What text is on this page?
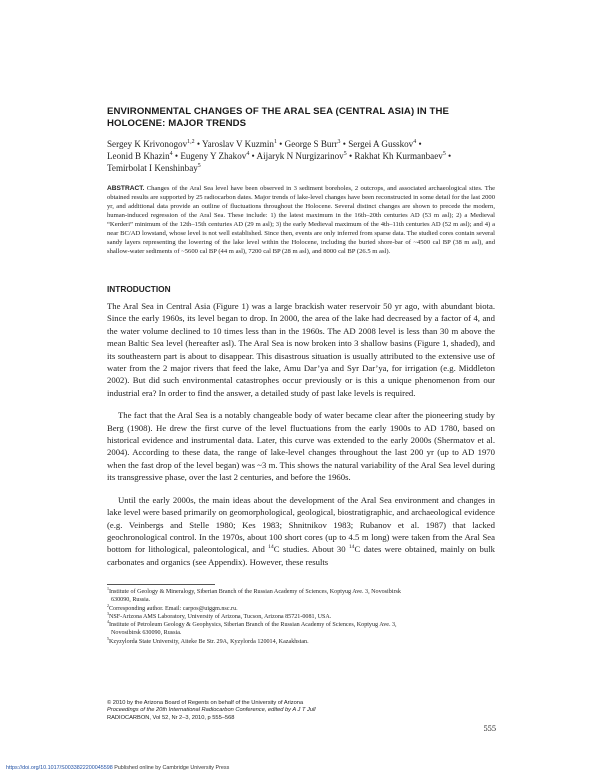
ENVIRONMENTAL CHANGES OF THE ARAL SEA (CENTRAL ASIA) IN THE
HOLOCENE: MAJOR TRENDS
Sergey K Krivonogov$^{1,2}$ • Yaroslav V Kuzmin$^1$ • George S Burr$^3$ • Sergei A Gusskov$^4$ •
Leonid B Khazin$^4$ • Eugeny Y Zhakov$^4$ • Aijaryk N Nurgizarinov$^5$ • Rakhat Kh Kurmanbaev$^5$ •
Temirbolat I Kenshinbay$^5$
ABSTRACT. Changes of the Aral Sea level have been observed in 3 sediment boreholes, 2 outcrops, and associated archaeological sites. The obtained results are supported by 25 radiocarbon dates. Major trends of lake-level changes have been reconstructed in some detail for the last 2000 yr, and additional data provide an outline of fluctuations throughout the Holocene. Several distinct changes are shown to precede the modern, human-induced regression of the Aral Sea. These include: 1) the latest maximum in the 16th–20th centuries AD (53 m asl); 2) a Medieval “Kerderi” minimum of the 12th–15th centuries AD (29 m asl); 3) the early Medieval maximum of the 4th–11th centuries AD (52 m asl); and 4) a near BC/AD lowstand, whose level is not well established. Since then, events are only inferred from sparse data. The studied cores contain several sandy layers representing the lowering of the lake level within the Holocene, including the buried shore-bar of ~4500 cal BP (38 m asl), and shallow-water sediments of ~5600 cal BP (44 m asl), 7200 cal BP (28 m asl), and 8000 cal BP (26.5 m asl).
INTRODUCTION

The Aral Sea in Central Asia (Figure 1) was a large brackish water reservoir 50 yr ago, with abundant biota. Since the early 1960s, its level began to drop. In 2000, the area of the lake had decreased by a factor of 4, and the water volume declined to 10 times less than in the 1960s. The AD 2008 level is less than 30 m above the mean Baltic Sea level (hereafter asl). The Aral Sea is now broken into 3 shallow basins (Figure 1, shaded), and its southeastern part is about to disappear. This disastrous situation is usually attributed to the extensive use of water from the 2 major rivers that feed the lake, Amu Dar’ya and Syr Dar’ya, for irrigation (e.g. Middleton 2002). But did such environmental catastrophes occur previously or is this a unique phenomenon from our industrial era? In order to find the answer, a detailed study of past lake levels is required.

The fact that the Aral Sea is a notably changeable body of water became clear after the pioneering study by Berg (1908). He drew the first curve of the level fluctuations from the early 1900s to AD 1780, based on historical evidence and instrumental data. Later, this curve was extended to the early 2000s (Shermatov et al. 2004). According to these data, the range of lake-level changes throughout the last 200 yr (up to AD 1970 when the fast drop of the level began) was ~3 m. This shows the natural variability of the Aral Sea level during its transgressive phase, over the last 2 centuries, and before the 1960s.

Until the early 2000s, the main ideas about the development of the Aral Sea environment and changes in lake level were based primarily on geomorphological, geological, biostratigraphic, and archaeological evidence (e.g. Veinbergs and Stelle 1980; Kes 1983; Shnitnikov 1983; Rubanov et al. 1987) that lacked geochronological control. In the 1970s, about 100 short cores (up to 4.5 m long) were taken from the Aral Sea bottom for lithological, paleontological, and $^{14}$C studies. About 30 $^{14}$C dates were obtained, mainly on bulk carbonates and organics (see Appendix). However, these results

$^1$Institute of Geology & Mineralogy, Siberian Branch of the Russian Academy of Sciences, Koptyug Ave. 3, Novosibirsk

630090, Russia.

$^2$Corresponding author. Email: carpos@uiggm.nsc.ru.

$^3$NSF-Arizona AMS Laboratory, University of Arizona, Tucson, Arizona 85721-0081, USA.

$^4$Institute of Petroleum Geology & Geophysics, Siberian Branch of the Russian Academy of Sciences, Koptyug Ave. 3,

Novosibirsk 630090, Russia.

$^5$Kzyzylorda State University, Aiteke Be Str. 29A, Kyzylorda 120014, Kazakhstan.

© 2010 by the Arizona Board of Regents on behalf of the University of Arizona
Proceedings of the 20th International Radiocarbon Conference, edited by A J T Jull
RADIOCARBON, Vol 52, Nr 2–3, 2010, p 555–568
555
https://doi.org/10.1017/S0033822200045598 Published online by Cambridge University Press
